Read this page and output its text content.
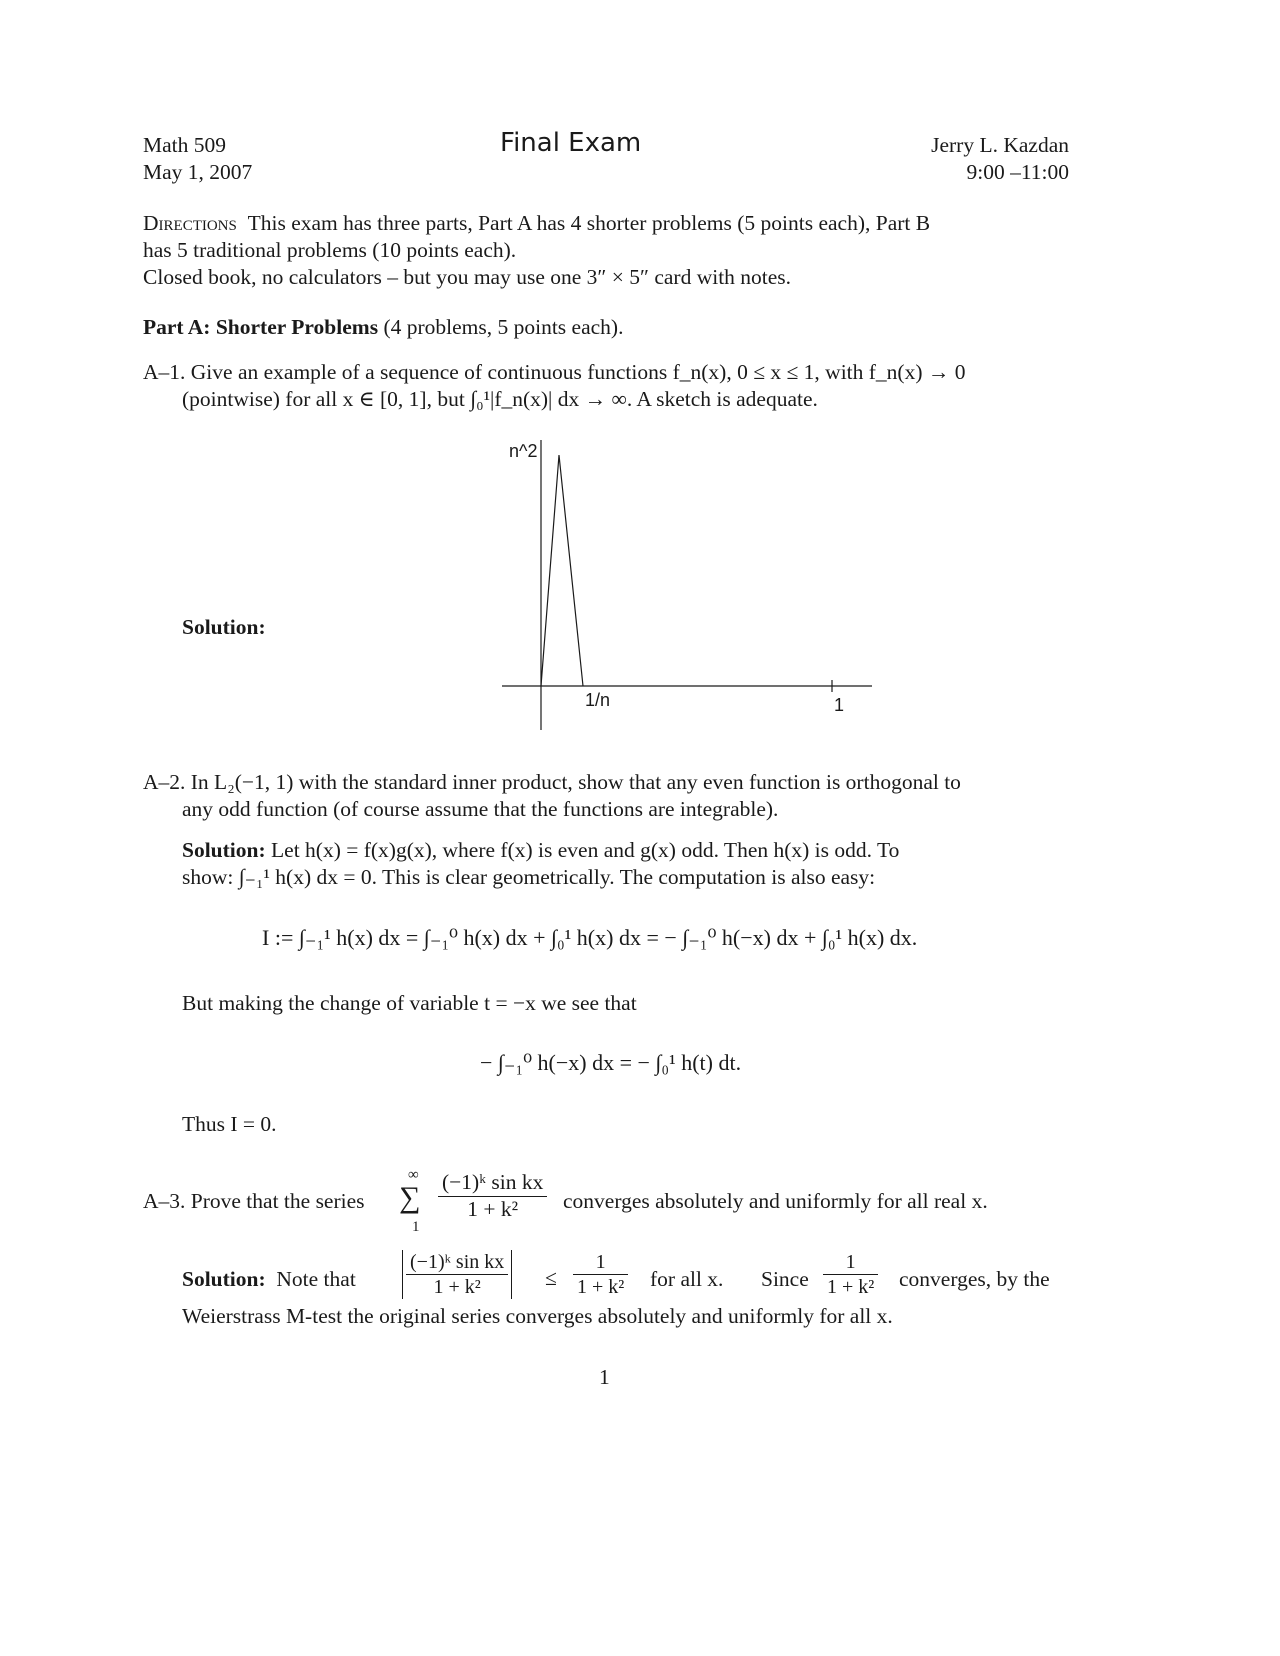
Math 509
May 1, 2007
Final Exam	Jerry L. Kazdan
9:00 –11:00
Directions This exam has three parts, Part A has 4 shorter problems (5 points each), Part B
has 5 traditional problems (10 points each).
Closed book, no calculators – but you may use one 3″ × 5″ card with notes.
Part A: Shorter Problems (4 problems, 5 points each).
A–1. Give an example of a sequence of continuous functions f_n(x), 0 ≤ x ≤ 1, with f_n(x) → 0
(pointwise) for all x ∈ [0, 1], but ∫₀¹|f_n(x)| dx → ∞. A sketch is adequate.
Solution:
n^2
1/n	1
A–2. In L₂(−1, 1) with the standard inner product, show that any even function is orthogonal to
any odd function (of course assume that the functions are integrable).
Solution: Let h(x) = f(x)g(x), where f(x) is even and g(x) odd. Then h(x) is odd. To
show: ∫₋₁¹ h(x) dx = 0. This is clear geometrically. The computation is also easy:
I := ∫₋₁¹ h(x) dx = ∫₋₁⁰ h(x) dx + ∫₀¹ h(x) dx = − ∫₋₁⁰ h(−x) dx + ∫₀¹ h(x) dx.
But making the change of variable t = −x we see that
− ∫₋₁⁰ h(−x) dx = − ∫₀¹ h(t) dt.
Thus I = 0.
A–3. Prove that the series
∞
∑
1
$\frac{\text{(−1)ᵏ sin kx}}{\text{1 + k²}}$ converges absolutely and uniformly for all real x.
Solution: Note that	$\frac{\text{(−1)ᵏ sin kx}}{\text{1 + k²}} \le \frac{1}{\text{1 + k²}}$ for all x. Since $\frac{1}{\text{1 + k²}}$ converges, by the
Weierstrass M-test the original series converges absolutely and uniformly for all x.
1
